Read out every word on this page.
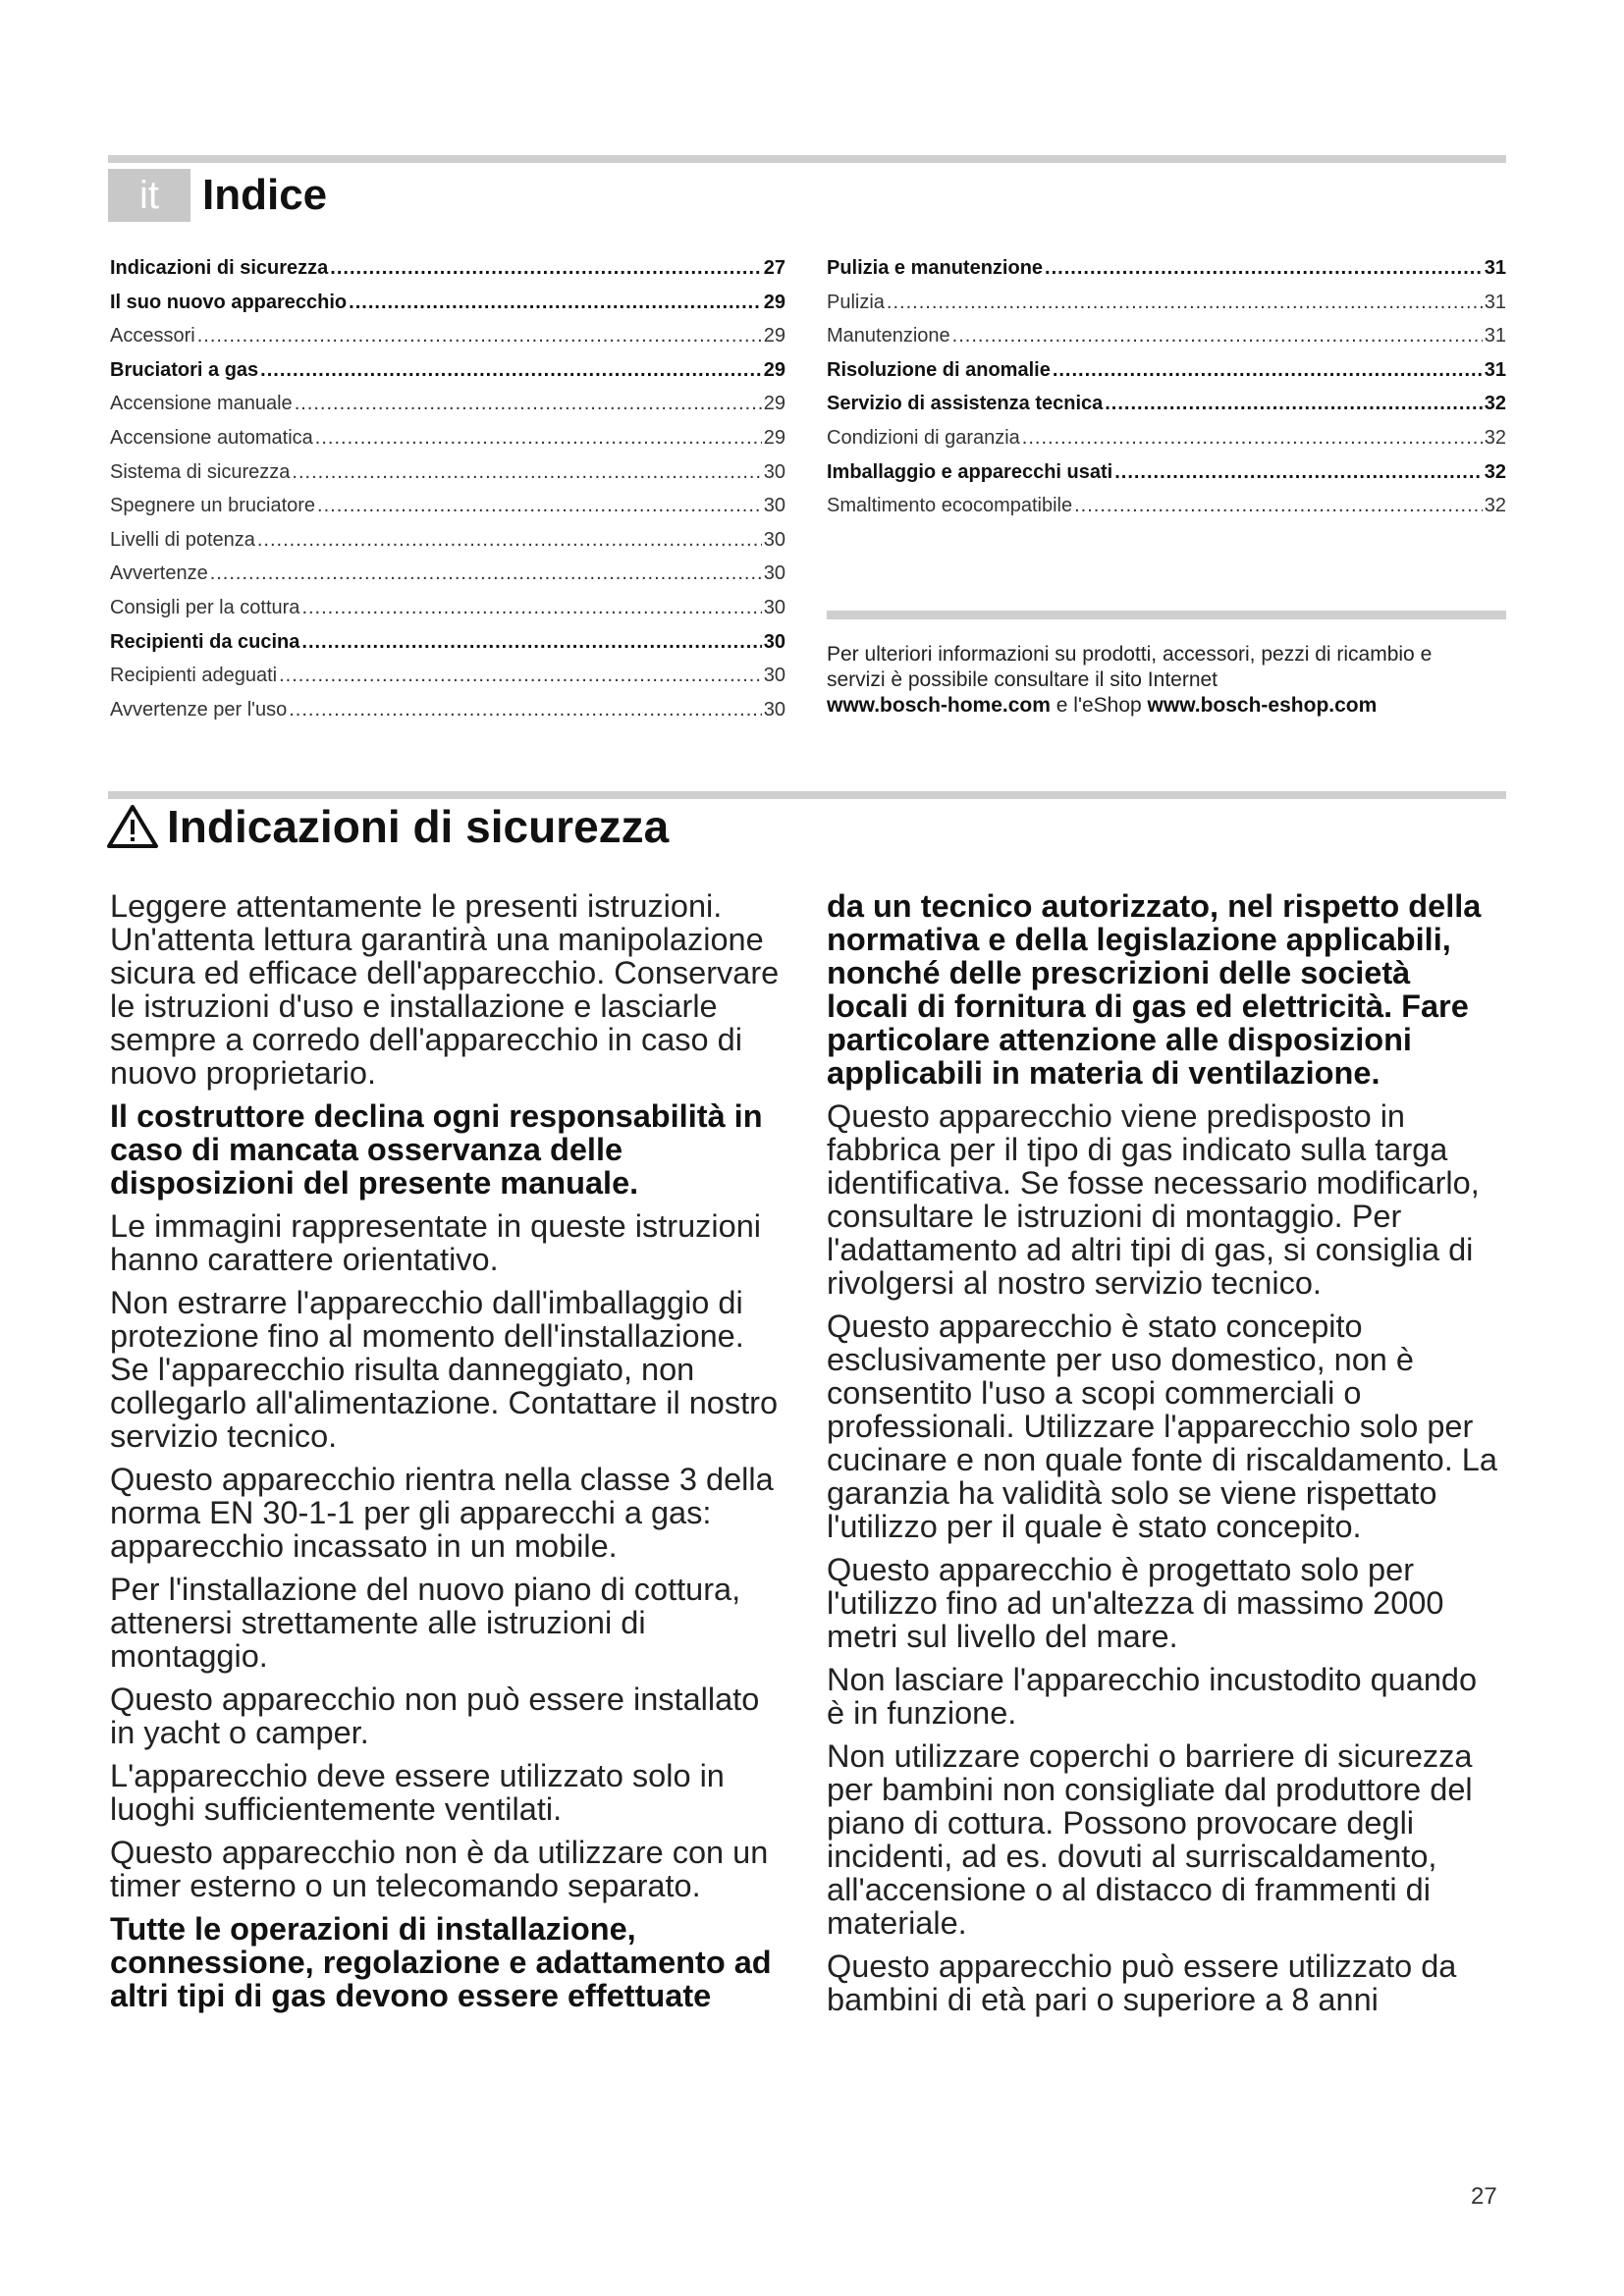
it	Indice
Indicazioni di sicurezza .....	27
Il suo nuovo apparecchio .....	29
Accessori .....	29
Bruciatori a gas .....	29
Accensione manuale .....	29
Accensione automatica .....	29
Sistema di sicurezza .....	30
Spegnere un bruciatore .....	30
Livelli di potenza .....	30
Avvertenze .....	30
Consigli per la cottura .....	30
Recipienti da cucina .....	30
Recipienti adeguati .....	30
Avvertenze per l'uso .....	30
Pulizia e manutenzione .....	31
Pulizia .....	31
Manutenzione .....	31
Risoluzione di anomalie .....	31
Servizio di assistenza tecnica .....	32
Condizioni di garanzia .....	32
Imballaggio e apparecchi usati .....	32
Smaltimento ecocompatibile .....	32
Per ulteriori informazioni su prodotti, accessori, pezzi di ricambio e servizi è possibile consultare il sito Internet
www.bosch-home.com e l'eShop www.bosch-eshop.com
Indicazioni di sicurezza

Leggere attentamente le presenti istruzioni. Un'attenta lettura garantirà una manipolazione sicura ed efficace dell'apparecchio. Conservare le istruzioni d'uso e installazione e lasciarle sempre a corredo dell'apparecchio in caso di nuovo proprietario.

Il costruttore declina ogni responsabilità in caso di mancata osservanza delle disposizioni del presente manuale.

Le immagini rappresentate in queste istruzioni hanno carattere orientativo.

Non estrarre l'apparecchio dall'imballaggio di protezione fino al momento dell'installazione. Se l'apparecchio risulta danneggiato, non collegarlo all'alimentazione. Contattare il nostro servizio tecnico.

Questo apparecchio rientra nella classe 3 della norma EN 30-1-1 per gli apparecchi a gas: apparecchio incassato in un mobile.

Per l'installazione del nuovo piano di cottura, attenersi strettamente alle istruzioni di montaggio.

Questo apparecchio non può essere installato in yacht o camper.

L'apparecchio deve essere utilizzato solo in luoghi sufficientemente ventilati.

Questo apparecchio non è da utilizzare con un timer esterno o un telecomando separato.

Tutte le operazioni di installazione, connessione, regolazione e adattamento ad altri tipi di gas devono essere effettuate

da un tecnico autorizzato, nel rispetto della normativa e della legislazione applicabili, nonché delle prescrizioni delle società locali di fornitura di gas ed elettricità. Fare particolare attenzione alle disposizioni applicabili in materia di ventilazione.

Questo apparecchio viene predisposto in fabbrica per il tipo di gas indicato sulla targa identificativa. Se fosse necessario modificarlo, consultare le istruzioni di montaggio. Per l'adattamento ad altri tipi di gas, si consiglia di rivolgersi al nostro servizio tecnico.

Questo apparecchio è stato concepito esclusivamente per uso domestico, non è consentito l'uso a scopi commerciali o professionali. Utilizzare l'apparecchio solo per cucinare e non quale fonte di riscaldamento. La garanzia ha validità solo se viene rispettato l'utilizzo per il quale è stato concepito.

Questo apparecchio è progettato solo per l'utilizzo fino ad un'altezza di massimo 2000 metri sul livello del mare.

Non lasciare l'apparecchio incustodito quando è in funzione.

Non utilizzare coperchi o barriere di sicurezza per bambini non consigliate dal produttore del piano di cottura. Possono provocare degli incidenti, ad es. dovuti al surriscaldamento, all'accensione o al distacco di frammenti di materiale.

Questo apparecchio può essere utilizzato da bambini di età pari o superiore a 8 anni

27
